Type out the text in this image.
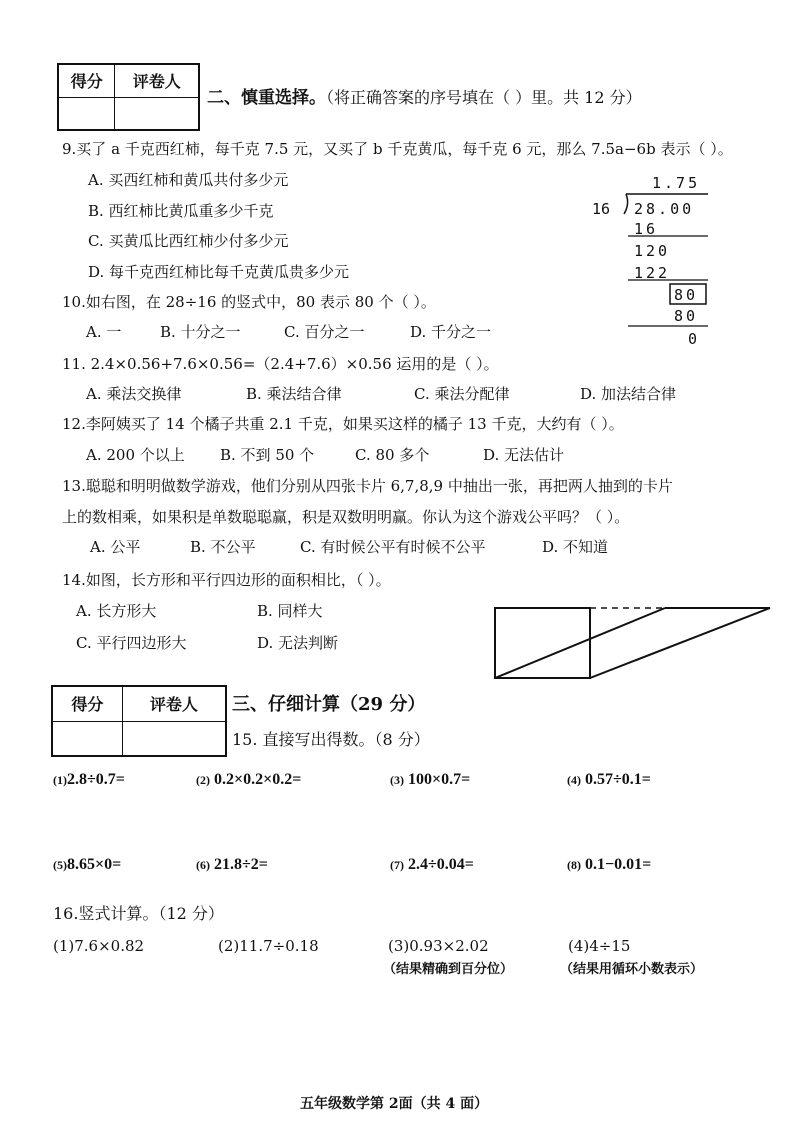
得分	评卷人

二、慎重选择。（将正确答案的序号填在（ ）里。共 12 分）
9.买了 a 千克西红柿，每千克 7.5 元，又买了 b 千克黄瓜，每千克 6 元，那么 7.5a−6b 表示（ ）。
A. 买西红柿和黄瓜共付多少元
B. 西红柿比黄瓜重多少千克
C. 买黄瓜比西红柿少付多少元
D. 每千克西红柿比每千克黄瓜贵多少元
1.75
16 28.00
16
120
122
80
80
0
10.如右图，在 28÷16 的竖式中，80 表示 80 个（ ）。
A. 一	B. 十分之一	C. 百分之一	D. 千分之一
11. 2.4×0.56+7.6×0.56=（2.4+7.6）×0.56 运用的是（ ）。
A. 乘法交换律	B. 乘法结合律	C. 乘法分配律	D. 加法结合律
12.李阿姨买了 14 个橘子共重 2.1 千克，如果买这样的橘子 13 千克，大约有（ ）。
A. 200 个以上 B. 不到 50 个	C. 80 多个	D. 无法估计
13.聪聪和明明做数学游戏，他们分别从四张卡片 6,7,8,9 中抽出一张，再把两人抽到的卡片
上的数相乘，如果积是单数聪聪赢，积是双数明明赢。你认为这个游戏公平吗？（ ）。
A. 公平	B. 不公平	C. 有时候公平有时候不公平	D. 不知道
14.如图，长方形和平行四边形的面积相比，（ ）。
A. 长方形大	B. 同样大
C. 平行四边形大	D. 无法判断
得分	评卷人
	三、仔细计算（29 分）
15. 直接写出得数。（8 分）
(1)2.8÷0.7=	(2) 0.2×0.2×0.2=	(3) 100×0.7=	(4) 0.57÷0.1=
(5)8.65×0=	(6) 21.8÷2=	(7) 2.4÷0.04=	(8) 0.1−0.01=
16.竖式计算。（12 分）
(1)7.6×0.82	(2)11.7÷0.18	(3)0.93×2.02
（结果精确到百分位）
(4)4÷15
（结果用循环小数表示）
五年级数学第 2面（共 4 面）
